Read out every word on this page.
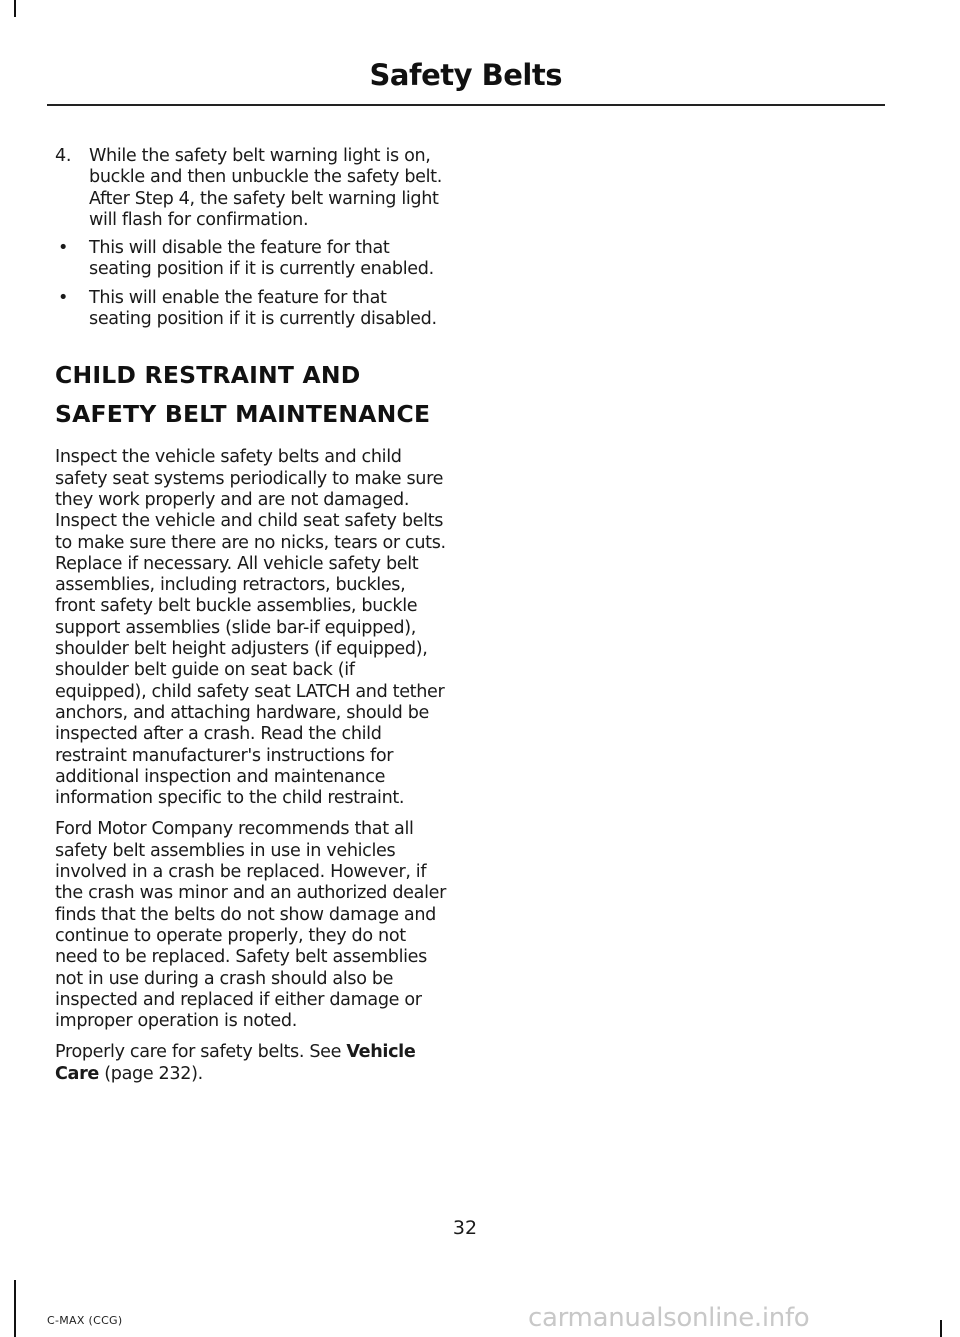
Safety Belts
4. While the safety belt warning light is on, buckle and then unbuckle the safety belt. After Step 4, the safety belt warning light will flash for confirmation.
• This will disable the feature for that seating position if it is currently enabled.
• This will enable the feature for that seating position if it is currently disabled.
CHILD RESTRAINT AND
SAFETY BELT MAINTENANCE

Inspect the vehicle safety belts and child safety seat systems periodically to make sure they work properly and are not damaged. Inspect the vehicle and child seat safety belts to make sure there are no nicks, tears or cuts. Replace if necessary. All vehicle safety belt assemblies, including retractors, buckles, front safety belt buckle assemblies, buckle support assemblies (slide bar-if equipped), shoulder belt height adjusters (if equipped), shoulder belt guide on seat back (if equipped), child safety seat LATCH and tether anchors, and attaching hardware, should be inspected after a crash. Read the child restraint manufacturer's instructions for additional inspection and maintenance information specific to the child restraint.

Ford Motor Company recommends that all safety belt assemblies in use in vehicles involved in a crash be replaced. However, if the crash was minor and an authorized dealer finds that the belts do not show damage and continue to operate properly, they do not need to be replaced. Safety belt assemblies not in use during a crash should also be inspected and replaced if either damage or improper operation is noted.

Properly care for safety belts. See Vehicle Care (page 232).

32
C-MAX (CCG)	carmanualsonline.info
